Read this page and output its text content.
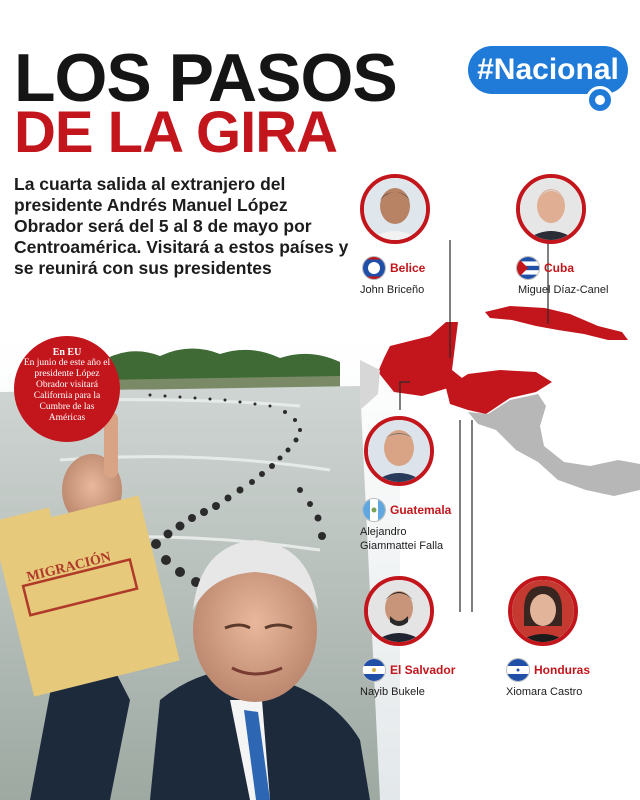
LOS PASOS
DE LA GIRA
#Nacional

La cuarta salida al extranjero del presidente Andrés Manuel López Obrador será del 5 al 8 de mayo por Centroamérica. Visitará a estos países y se reunirá con sus presidentes

MIGRACIÓN
En EU
En junio de este año el presidente López Obrador visitará California para la Cumbre de las Américas
Belice
John Briceño
Cuba
Miguel Díaz-Canel
Guatemala
Alejandro Giammattei Falla
El Salvador
Nayib Bukele
Honduras
Xiomara Castro
